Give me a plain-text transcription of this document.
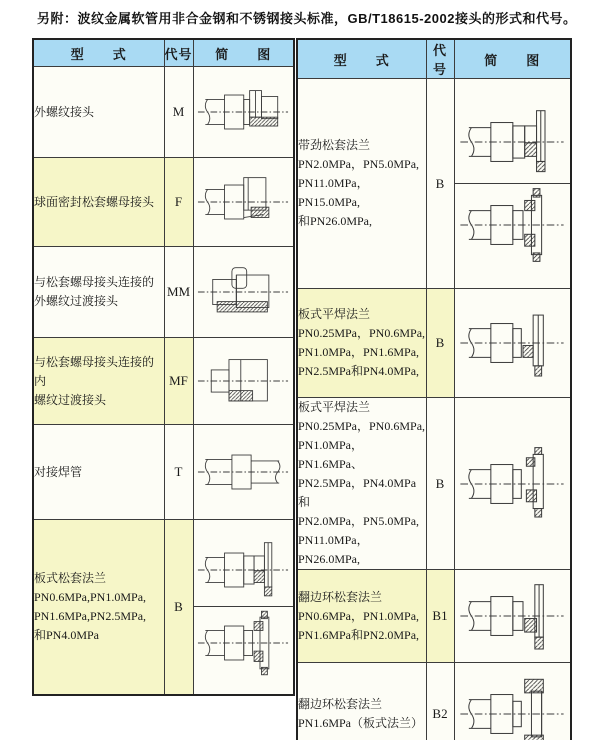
另附：波纹金属软管用非合金钢和不锈钢接头标准，GB/T18615-2002接头的形式和代号。
型　　式	代号	简　　图

外螺纹接头	M	

球面密封松套螺母接头	F	

与松套螺母接头连接的
外螺纹过渡接头	MM	

与松套螺母接头连接的内
螺纹过渡接头	MF	

对接焊管	T	

板式松套法兰
PN0.6MPa,PN1.0MPa,
PN1.6MPa,PN2.5MPa,
和PN4.0MPa	B	
型　　式	代号	简　　图

带劲松套法兰
PN2.0MPa，PN5.0MPa,
PN11.0MPa，PN15.0MPa,
和PN26.0MPa,	B	

板式平焊法兰
PN0.25MPa，PN0.6MPa,
PN1.0MPa，PN1.6MPa,
PN2.5MPa和PN4.0MPa,	B	

板式平焊法兰
PN0.25MPa，PN0.6MPa,
PN1.0MPa，PN1.6MPa、
PN2.5MPa，PN4.0MPa和
PN2.0MPa，PN5.0MPa,
PN11.0MPa，PN26.0MPa,
	B	

翻边环松套法兰
PN0.6MPa，PN1.0MPa,
PN1.6MPa和PN2.0MPa,	B1	

翻边环松套法兰
PN1.6MPa（板式法兰）	B2	
